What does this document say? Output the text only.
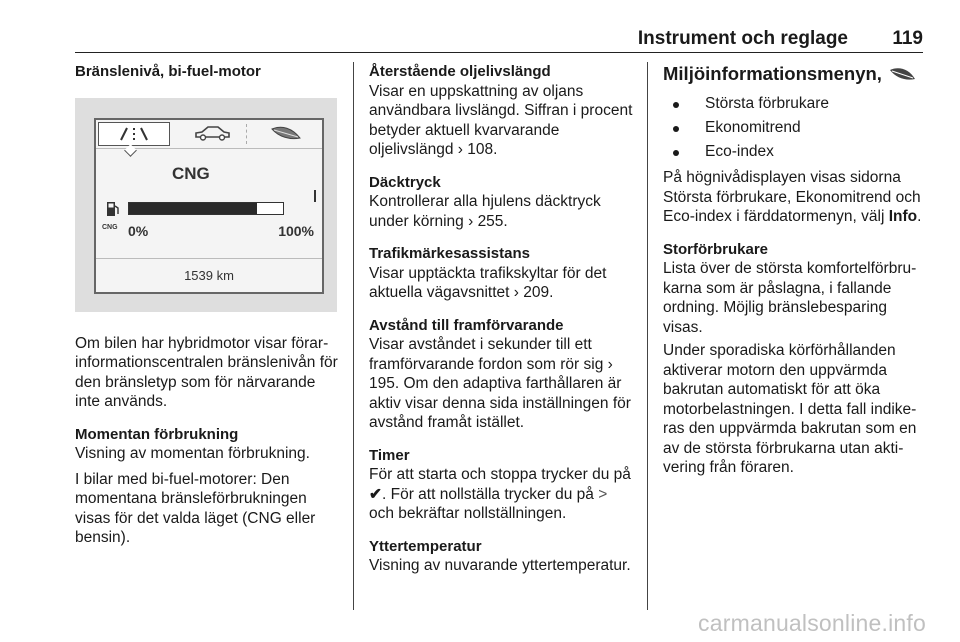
Instrument och reglage 119

Bränslenivå, bi-fuel-motor

CNG
CNG 0%	100%
1539 km

Om bilen har hybridmotor visar förarinformationscentralen bränslenivån för den bränsletyp som för närvarande inte används.

Momentan förbrukning

Visning av momentan förbrukning.

I bilar med bi-fuel-motorer: Den momentana bränsleförbrukningen visas för det valda läget (CNG eller bensin).

Återstående oljelivslängd

Visar en uppskattning av oljans användbara livslängd. Siffran i procent betyder aktuell kvarvarande oljelivslängd › 108.

Däcktryck

Kontrollerar alla hjulens däcktryck under körning › 255.

Trafikmärkesassistans

Visar upptäckta trafikskyltar för det aktuella vägavsnittet › 209.

Avstånd till framförvarande

Visar avståndet i sekunder till ett framförvarande fordon som rör sig › 195. Om den adaptiva farthållaren är aktiv visar denna sida inställningen för avstånd framåt istället.

Timer

För att starta och stoppa trycker du på ✔. För att nollställa trycker du på > och bekräftar nollställningen.

Yttertemperatur

Visning av nuvarande yttertemperatur.

Miljöinformationsmenyn,
Största förbrukare
Ekonomitrend
Eco-index

På högnivådisplayen visas sidorna Största förbrukare, Ekonomitrend och Eco-index i färddatormenyn, välj Info.

Storförbrukare

Lista över de största komfortelförbrukarna som är påslagna, i fallande ordning. Möjlig bränslebesparing visas.

Under sporadiska körförhållanden aktiverar motorn den uppvärmda bakrutan automatiskt för att öka motorbelastningen. I detta fall indikeras den uppvärmda bakrutan som en av de största förbrukarna utan aktivering från föraren.

carmanualsonline.info
